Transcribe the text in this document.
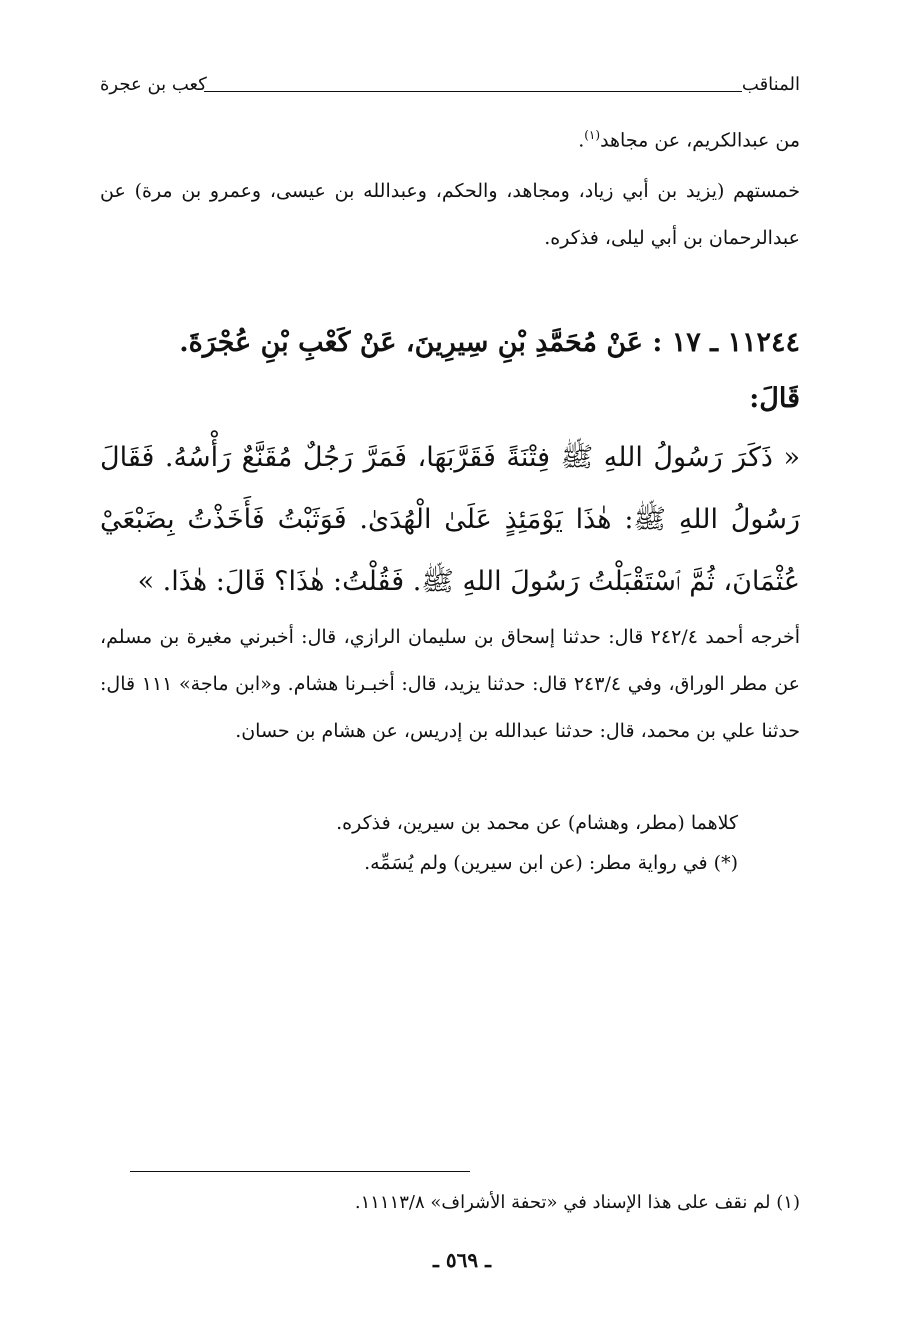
المناقب
كعب بن عجرة
من عبدالكريم، عن مجاهد$^{(١)}$.
خمستهم (يزيد بن أبي زياد، ومجاهد، والحكم، وعبدالله بن عيسى، وعمرو بن مرة) عن عبدالرحمان بن أبي ليلى، فذكره.
١١٢٤٤ ـ ١٧ : عَنْ مُحَمَّدِ بْنِ سِيرِينَ، عَنْ كَعْبِ بْنِ عُجْرَةَ.
قَالَ:
« ذَكَرَ رَسُولُ اللهِ ﷺ فِتْنَةً فَقَرَّبَهَا، فَمَرَّ رَجُلٌ مُقَنَّعٌ رَأْسُهُ. فَقَالَ رَسُولُ اللهِ ﷺ: هٰذَا يَوْمَئِذٍ عَلَىٰ الْهُدَىٰ. فَوَثَبْتُ فَأَخَذْتُ بِضَبْعَيْ عُثْمَانَ، ثُمَّ ٱسْتَقْبَلْتُ رَسُولَ اللهِ ﷺ. فَقُلْتُ: هٰذَا؟ قَالَ: هٰذَا. »
أخرجه أحمد ٢٤٢/٤ قال: حدثنا إسحاق بن سليمان الرازي، قال: أخبرني مغيرة بن مسلم، عن مطر الوراق، وفي ٢٤٣/٤ قال: حدثنا يزيد، قال: أخبـرنا هشام. و«ابن ماجة» ١١١ قال: حدثنا علي بن محمد، قال: حدثنا عبدالله بن إدريس، عن هشام بن حسان.
كلاهما (مطر، وهشام) عن محمد بن سيرين، فذكره.
(*) في رواية مطر: (عن ابن سيرين) ولم يُسَمِّه.
(١) لم نقف على هذا الإسناد في «تحفة الأشراف» ١١١١٣/٨.
ـ ٥٦٩ ـ
